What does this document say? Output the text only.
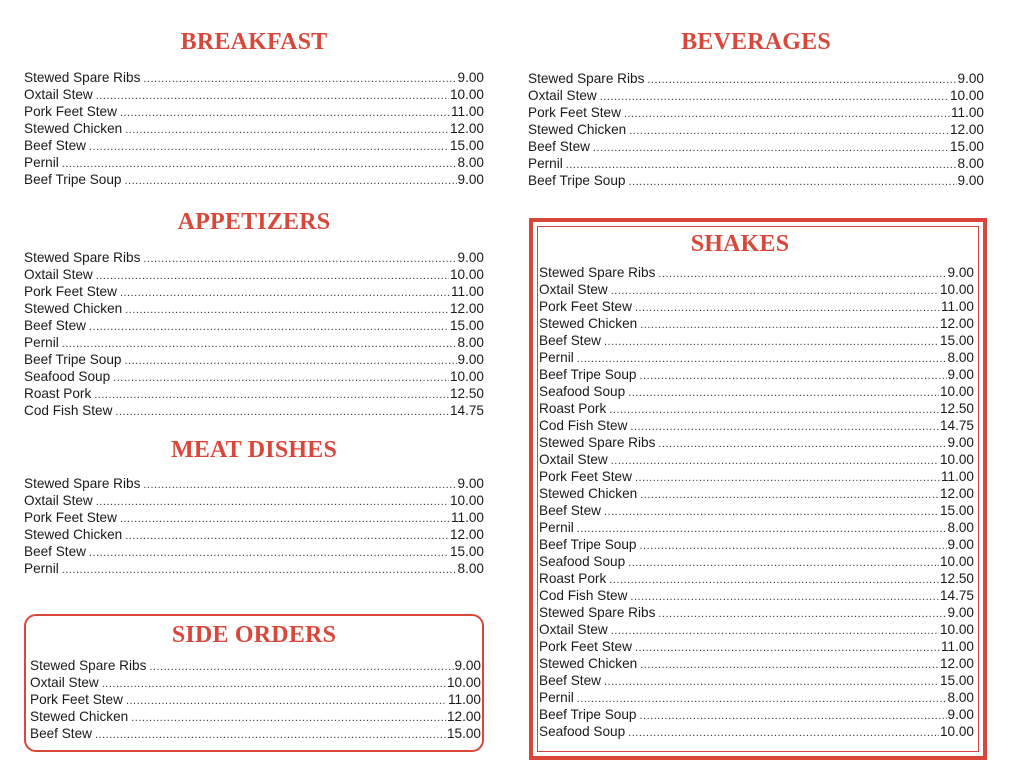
BREAKFAST
APPETIZERS
MEAT DISHES
SIDE ORDERS
BEVERAGES
SHAKES
Stewed Spare Ribs .....	9.00
Oxtail Stew .....	10.00
Pork Feet Stew .....	11.00
Stewed Chicken .....	12.00
Beef Stew .....	15.00
Pernil .....	8.00
Beef Tripe Soup .....	9.00
Stewed Spare Ribs .....	9.00
Oxtail Stew .....	10.00
Pork Feet Stew .....	11.00
Stewed Chicken .....	12.00
Beef Stew .....	15.00
Pernil .....	8.00
Beef Tripe Soup .....	9.00
Seafood Soup .....	10.00
Roast Pork .....	12.50
Cod Fish Stew .....	14.75
Stewed Spare Ribs .....	9.00
Oxtail Stew .....	10.00
Pork Feet Stew .....	11.00
Stewed Chicken .....	12.00
Beef Stew .....	15.00
Pernil .....	8.00
Stewed Spare Ribs .....	9.00
Oxtail Stew .....	10.00
Pork Feet Stew .....	11.00
Stewed Chicken .....	12.00
Beef Stew .....	15.00
Stewed Spare Ribs .....	9.00
Oxtail Stew .....	10.00
Pork Feet Stew .....	11.00
Stewed Chicken .....	12.00
Beef Stew .....	15.00
Pernil .....	8.00
Beef Tripe Soup .....	9.00
Stewed Spare Ribs .....	9.00
Oxtail Stew .....	10.00
Pork Feet Stew .....	11.00
Stewed Chicken .....	12.00
Beef Stew .....	15.00
Pernil .....	8.00
Beef Tripe Soup .....	9.00
Seafood Soup .....	10.00
Roast Pork .....	12.50
Cod Fish Stew .....	14.75
Stewed Spare Ribs .....	9.00
Oxtail Stew .....	10.00
Pork Feet Stew .....	11.00
Stewed Chicken .....	12.00
Beef Stew .....	15.00
Pernil .....	8.00
Beef Tripe Soup .....	9.00
Seafood Soup .....	10.00
Roast Pork .....	12.50
Cod Fish Stew .....	14.75
Stewed Spare Ribs .....	9.00
Oxtail Stew .....	10.00
Pork Feet Stew .....	11.00
Stewed Chicken .....	12.00
Beef Stew .....	15.00
Pernil .....	8.00
Beef Tripe Soup .....	9.00
Seafood Soup .....	10.00
